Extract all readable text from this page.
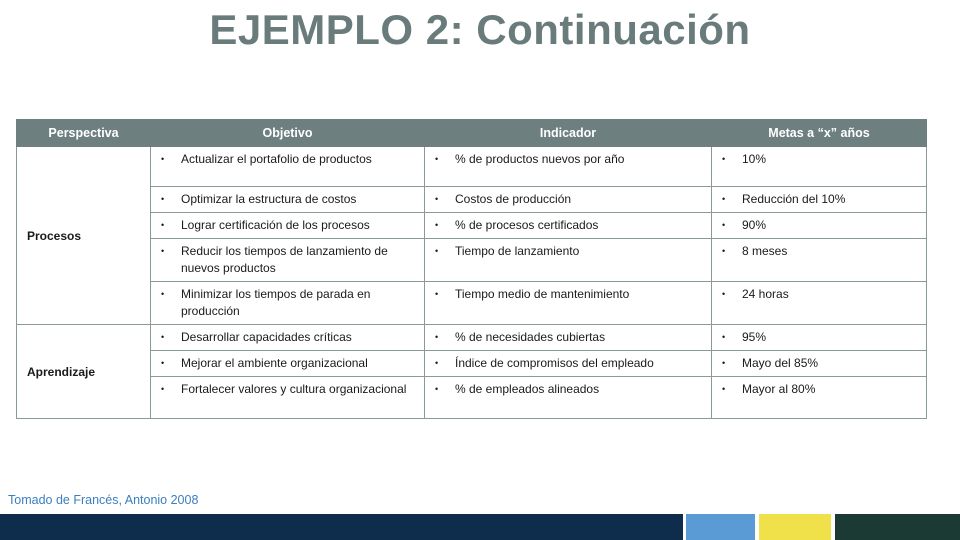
EJEMPLO 2: Continuación
Perspectiva	Objetivo	Indicador	Metas a “x” años
Procesos	• Actualizar el portafolio de productos	• % de productos nuevos por año	• 10%

	• Optimizar la estructura de costos	• Costos de producción	• Reducción del 10%

	• Lograr certificación de los procesos	• % de procesos certificados	• 90%

	• Reducir los tiempos de lanzamiento de nuevos productos	• Tiempo de lanzamiento	• 8 meses

	• Minimizar los tiempos de parada en producción	• Tiempo medio de mantenimiento	• 24 horas

Aprendizaje	• Desarrollar capacidades críticas	• % de necesidades cubiertas	• 95%

	• Mejorar el ambiente organizacional	• Índice de compromisos del empleado	• Mayo del 85%

	• Fortalecer valores y cultura organizacional	• % de empleados alineados	• Mayor al 80%
Tomado de Francés, Antonio 2008
